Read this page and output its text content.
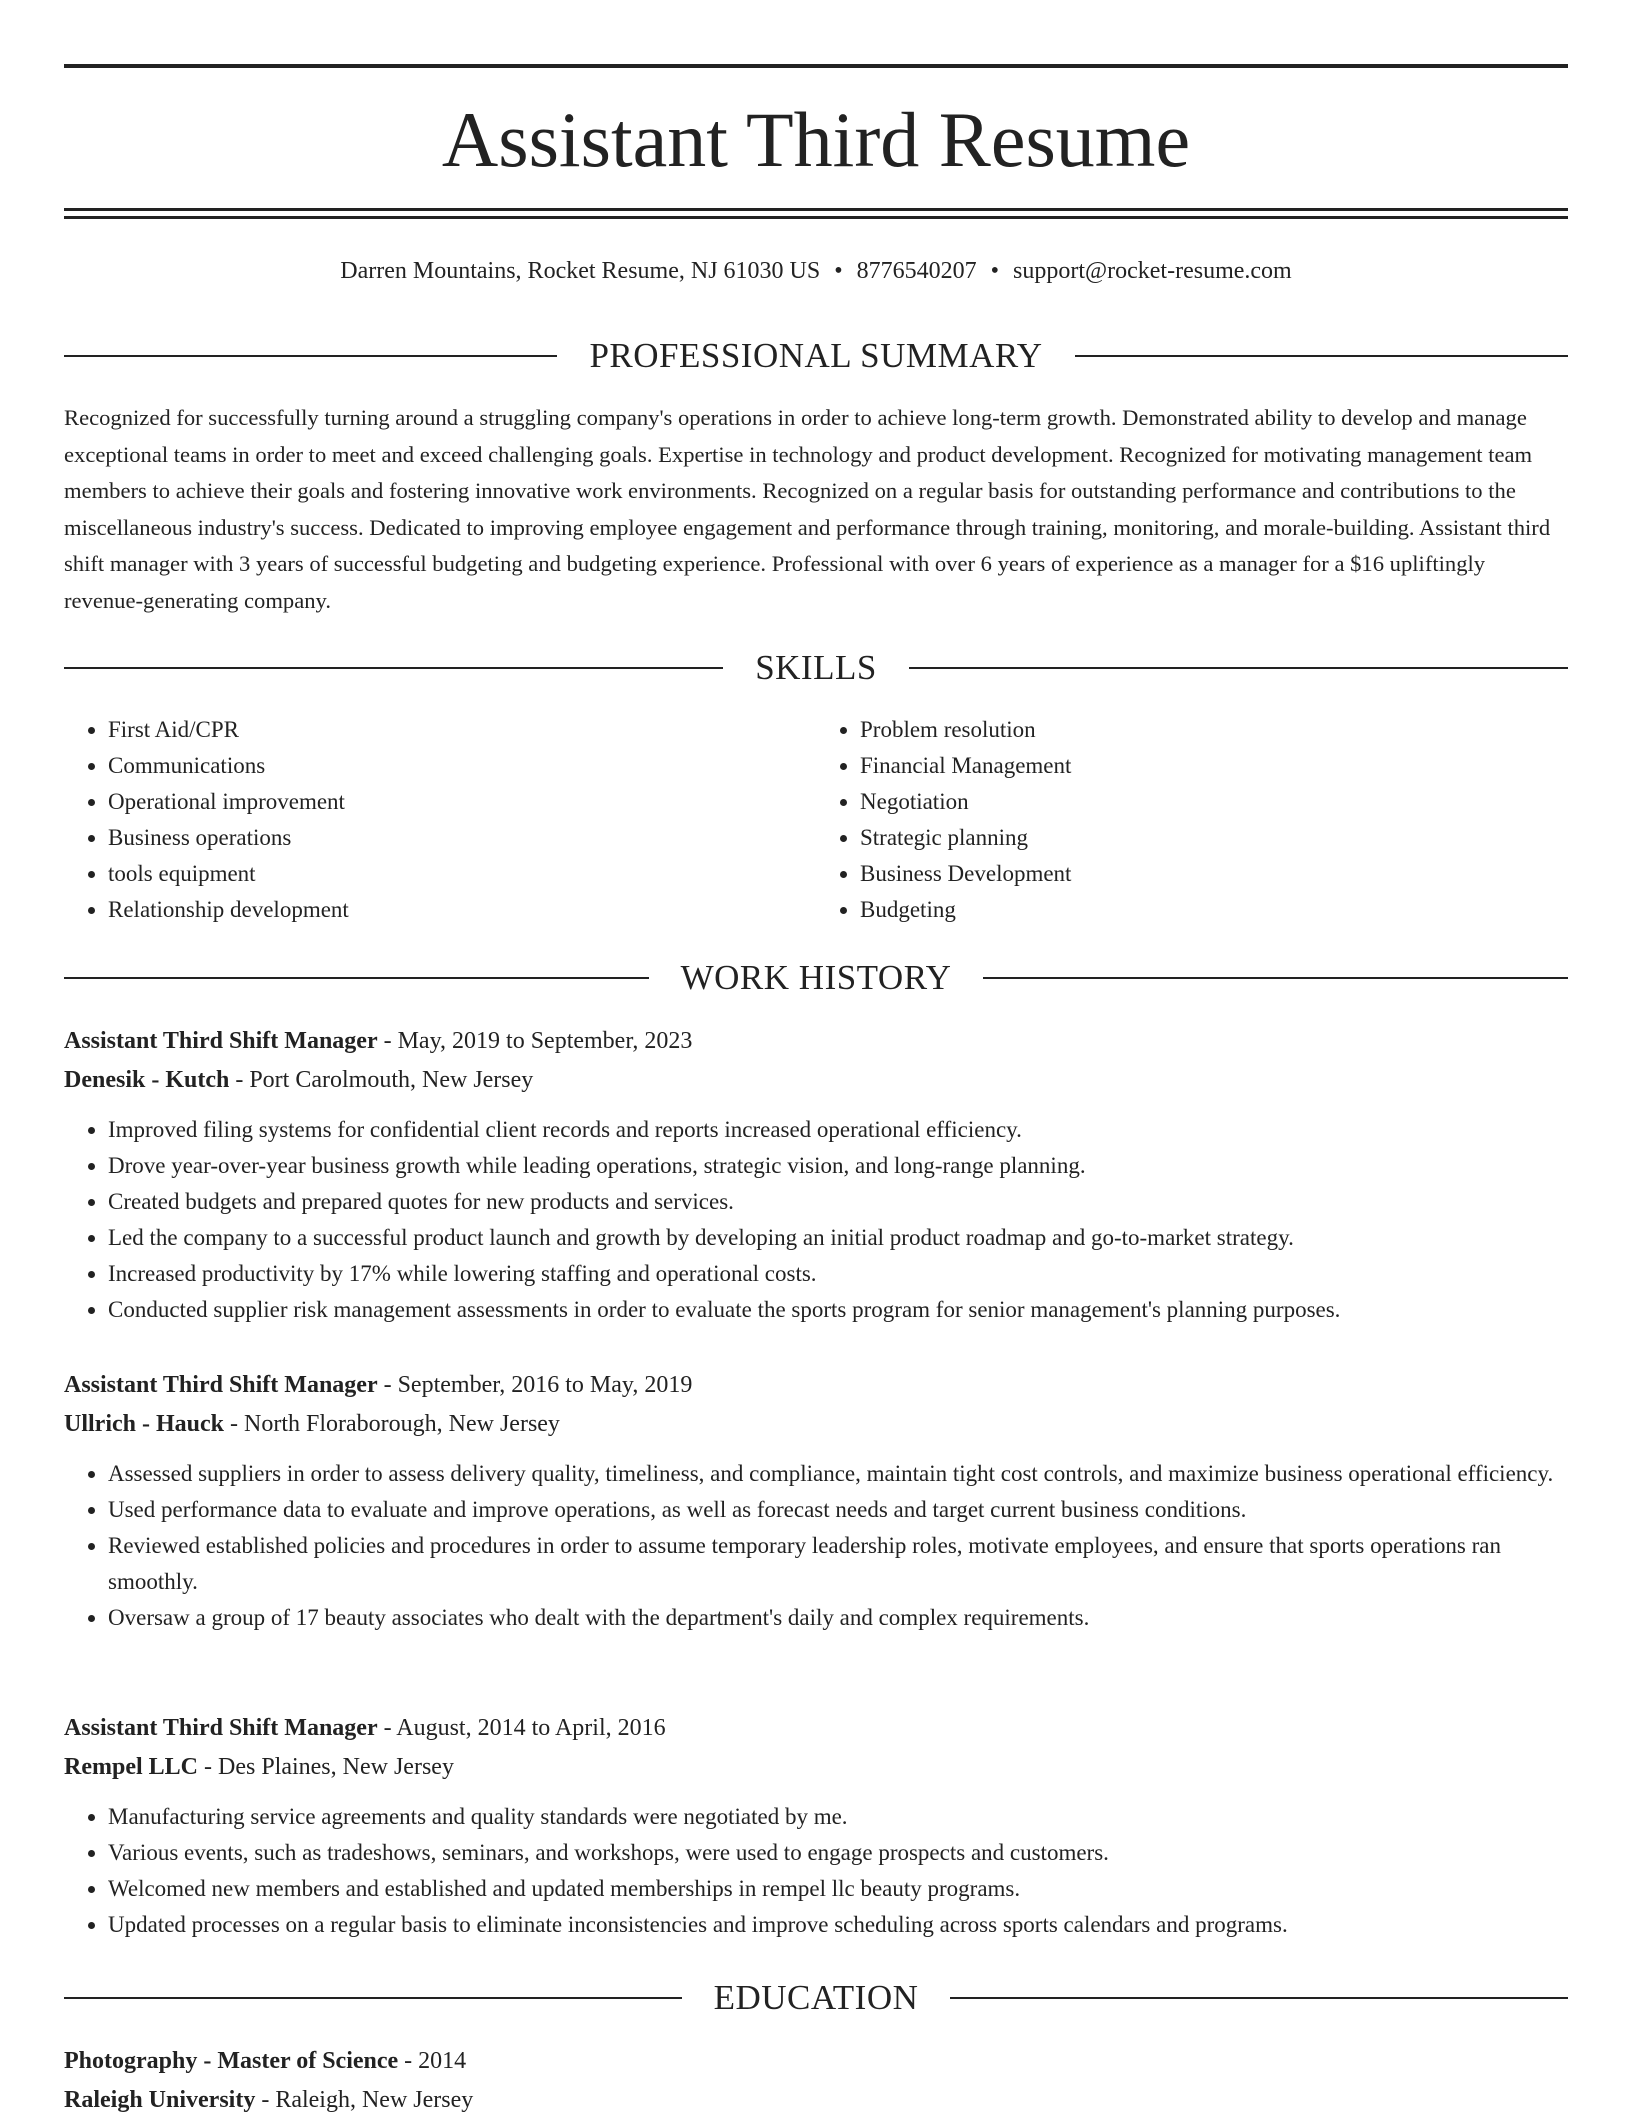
Assistant Third Resume
Darren Mountains, Rocket Resume, NJ 61030 US • 8776540207 • support@rocket-resume.com
PROFESSIONAL SUMMARY

Recognized for successfully turning around a struggling company's operations in order to achieve long-term growth. Demonstrated ability to develop and manage exceptional teams in order to meet and exceed challenging goals. Expertise in technology and product development. Recognized for motivating management team members to achieve their goals and fostering innovative work environments. Recognized on a regular basis for outstanding performance and contributions to the miscellaneous industry's success. Dedicated to improving employee engagement and performance through training, monitoring, and morale-building. Assistant third shift manager with 3 years of successful budgeting and budgeting experience. Professional with over 6 years of experience as a manager for a $16 upliftingly revenue-generating company.

SKILLS
• First Aid/CPR
• Communications
• Operational improvement
• Business operations
• tools equipment
• Relationship development
• Problem resolution
• Financial Management
• Negotiation
• Strategic planning
• Business Development
• Budgeting
WORK HISTORY
Assistant Third Shift Manager - May, 2019 to September, 2023
Denesik - Kutch - Port Carolmouth, New Jersey
• Improved filing systems for confidential client records and reports increased operational efficiency.
• Drove year-over-year business growth while leading operations, strategic vision, and long-range planning.
• Created budgets and prepared quotes for new products and services.
• Led the company to a successful product launch and growth by developing an initial product roadmap and go-to-market strategy.
• Increased productivity by 17% while lowering staffing and operational costs.
• Conducted supplier risk management assessments in order to evaluate the sports program for senior management's planning purposes.
Assistant Third Shift Manager - September, 2016 to May, 2019
Ullrich - Hauck - North Floraborough, New Jersey
• Assessed suppliers in order to assess delivery quality, timeliness, and compliance, maintain tight cost controls, and maximize business operational efficiency.
• Used performance data to evaluate and improve operations, as well as forecast needs and target current business conditions.
• Reviewed established policies and procedures in order to assume temporary leadership roles, motivate employees, and ensure that sports operations ran smoothly.
• Oversaw a group of 17 beauty associates who dealt with the department's daily and complex requirements.
Assistant Third Shift Manager - August, 2014 to April, 2016
Rempel LLC - Des Plaines, New Jersey
• Manufacturing service agreements and quality standards were negotiated by me.
• Various events, such as tradeshows, seminars, and workshops, were used to engage prospects and customers.
• Welcomed new members and established and updated memberships in rempel llc beauty programs.
• Updated processes on a regular basis to eliminate inconsistencies and improve scheduling across sports calendars and programs.
EDUCATION
Photography - Master of Science - 2014
Raleigh University - Raleigh, New Jersey
